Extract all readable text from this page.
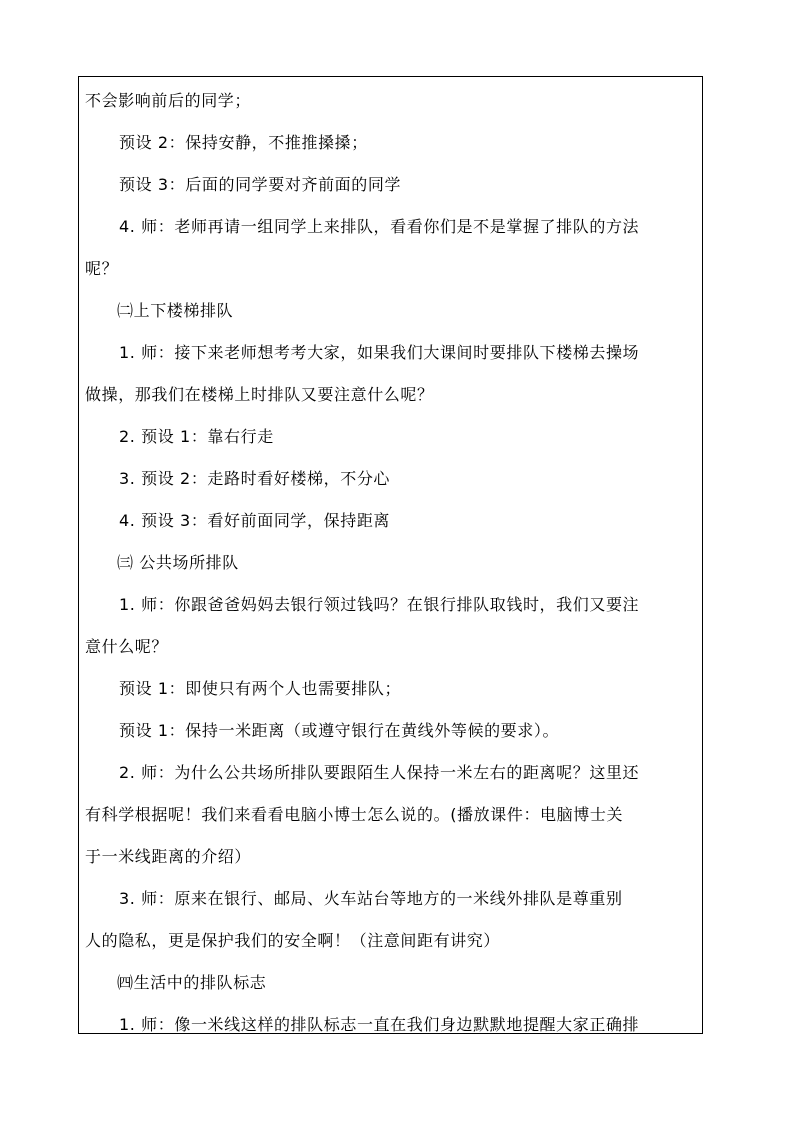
不会影响前后的同学；
预设 2：保持安静，不推推搡搡；
预设 3：后面的同学要对齐前面的同学
4. 师：老师再请一组同学上来排队，看看你们是不是掌握了排队的方法
呢？
㈡上下楼梯排队
1. 师：接下来老师想考考大家，如果我们大课间时要排队下楼梯去操场
做操，那我们在楼梯上时排队又要注意什么呢？
2. 预设 1：靠右行走
3. 预设 2：走路时看好楼梯，不分心
4. 预设 3：看好前面同学，保持距离
㈢ 公共场所排队
1. 师：你跟爸爸妈妈去银行领过钱吗？在银行排队取钱时，我们又要注
意什么呢？
预设 1：即使只有两个人也需要排队；
预设 1：保持一米距离（或遵守银行在黄线外等候的要求）。
2. 师：为什么公共场所排队要跟陌生人保持一米左右的距离呢？这里还
有科学根据呢！我们来看看电脑小博士怎么说的。(播放课件：电脑博士关
于一米线距离的介绍）
3. 师：原来在银行、邮局、火车站台等地方的一米线外排队是尊重别
人的隐私，更是保护我们的安全啊！（注意间距有讲究）
㈣生活中的排队标志
1. 师：像一米线这样的排队标志一直在我们身边默默地提醒大家正确排
